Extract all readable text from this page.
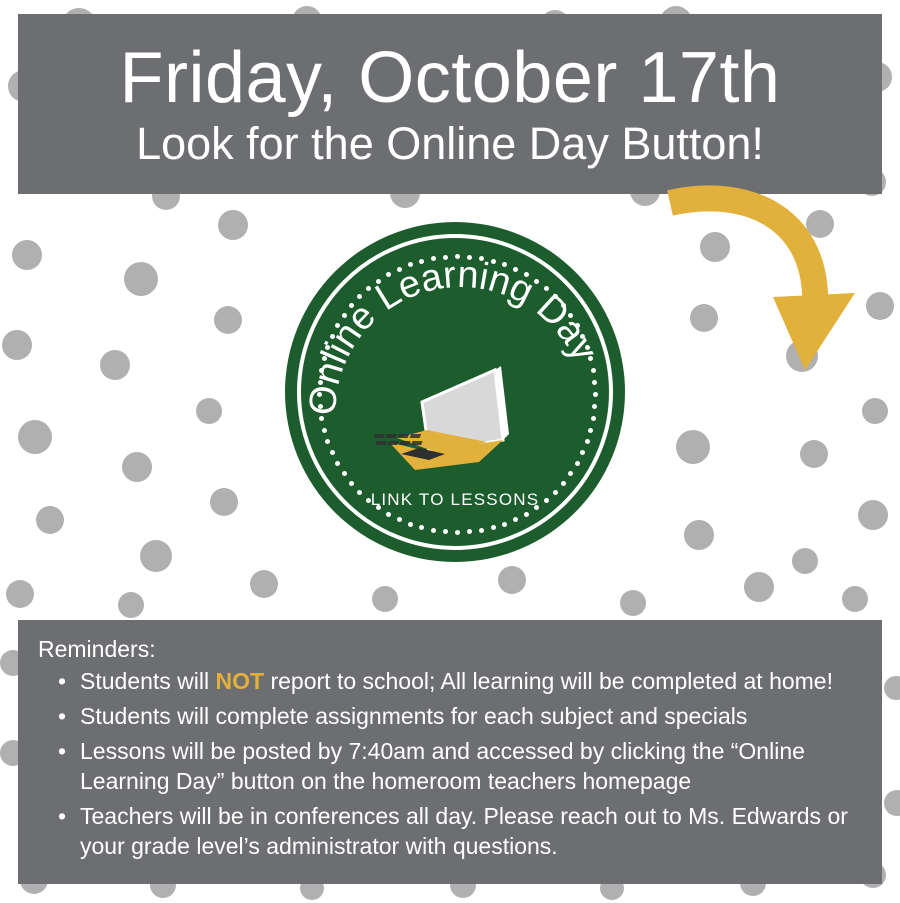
Friday, October 17th
Look for the Online Day Button!
Online Learning Day
LINK TO LESSONS
Reminders:
• Students will NOT report to school; All learning will be completed at home!
• Students will complete assignments for each subject and specials
• Lessons will be posted by 7:40am and accessed by clicking the “Online Learning Day” button on the homeroom teachers homepage
• Teachers will be in conferences all day. Please reach out to Ms. Edwards or your grade level’s administrator with questions.
